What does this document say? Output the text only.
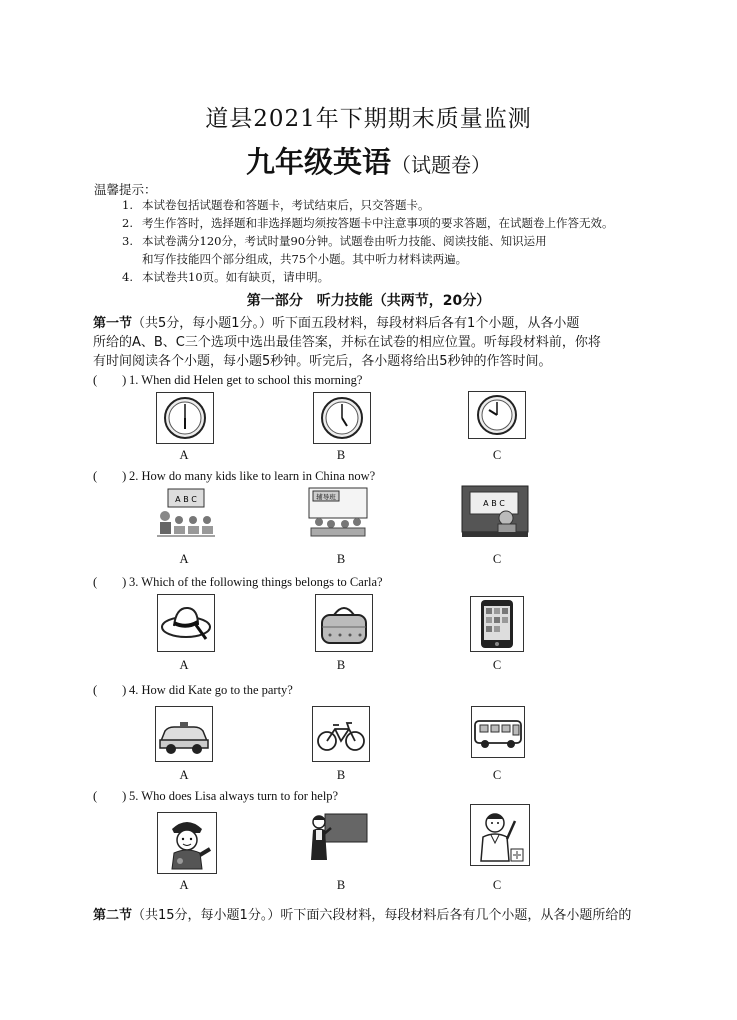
道县2021年下期期末质量监测
九年级英语（试题卷）
温馨提示：
1. 本试卷包括试题卷和答题卡，考试结束后，只交答题卡。
2. 考生作答时，选择题和非选择题均须按答题卡中注意事项的要求答题，在试题卷上作答无效。
3. 本试卷满分120分，考试时量90分钟。试题卷由听力技能、阅读技能、知识运用
和写作技能四个部分组成，共75个小题。其中听力材料读两遍。
4. 本试卷共10页。如有缺页，请申明。
第一部分　听力技能（共两节，20分）
第一节（共5分，每小题1分。）听下面五段材料，每段材料后各有1个小题，从各小题
所给的A、B、C三个选项中选出最佳答案，并标在试卷的相应位置。听每段材料前，你将
有时间阅读各个小题，每小题5秒钟。听完后，各小题将给出5秒钟的作答时间。
(　　) 1. When did Helen get to school this morning?
A	B	C
(　　) 2. How do many kids like to learn in China now?
A B C	辅导班
A B C
A	B	C
(　　) 3. Which of the following things belongs to Carla?
A	B	C
(　　) 4. How did Kate go to the party?
A	B	C
(　　) 5. Who does Lisa always turn to for help?
A	B	C
第二节（共15分，每小题1分。）听下面六段材料，每段材料后各有几个小题，从各小题所给的
